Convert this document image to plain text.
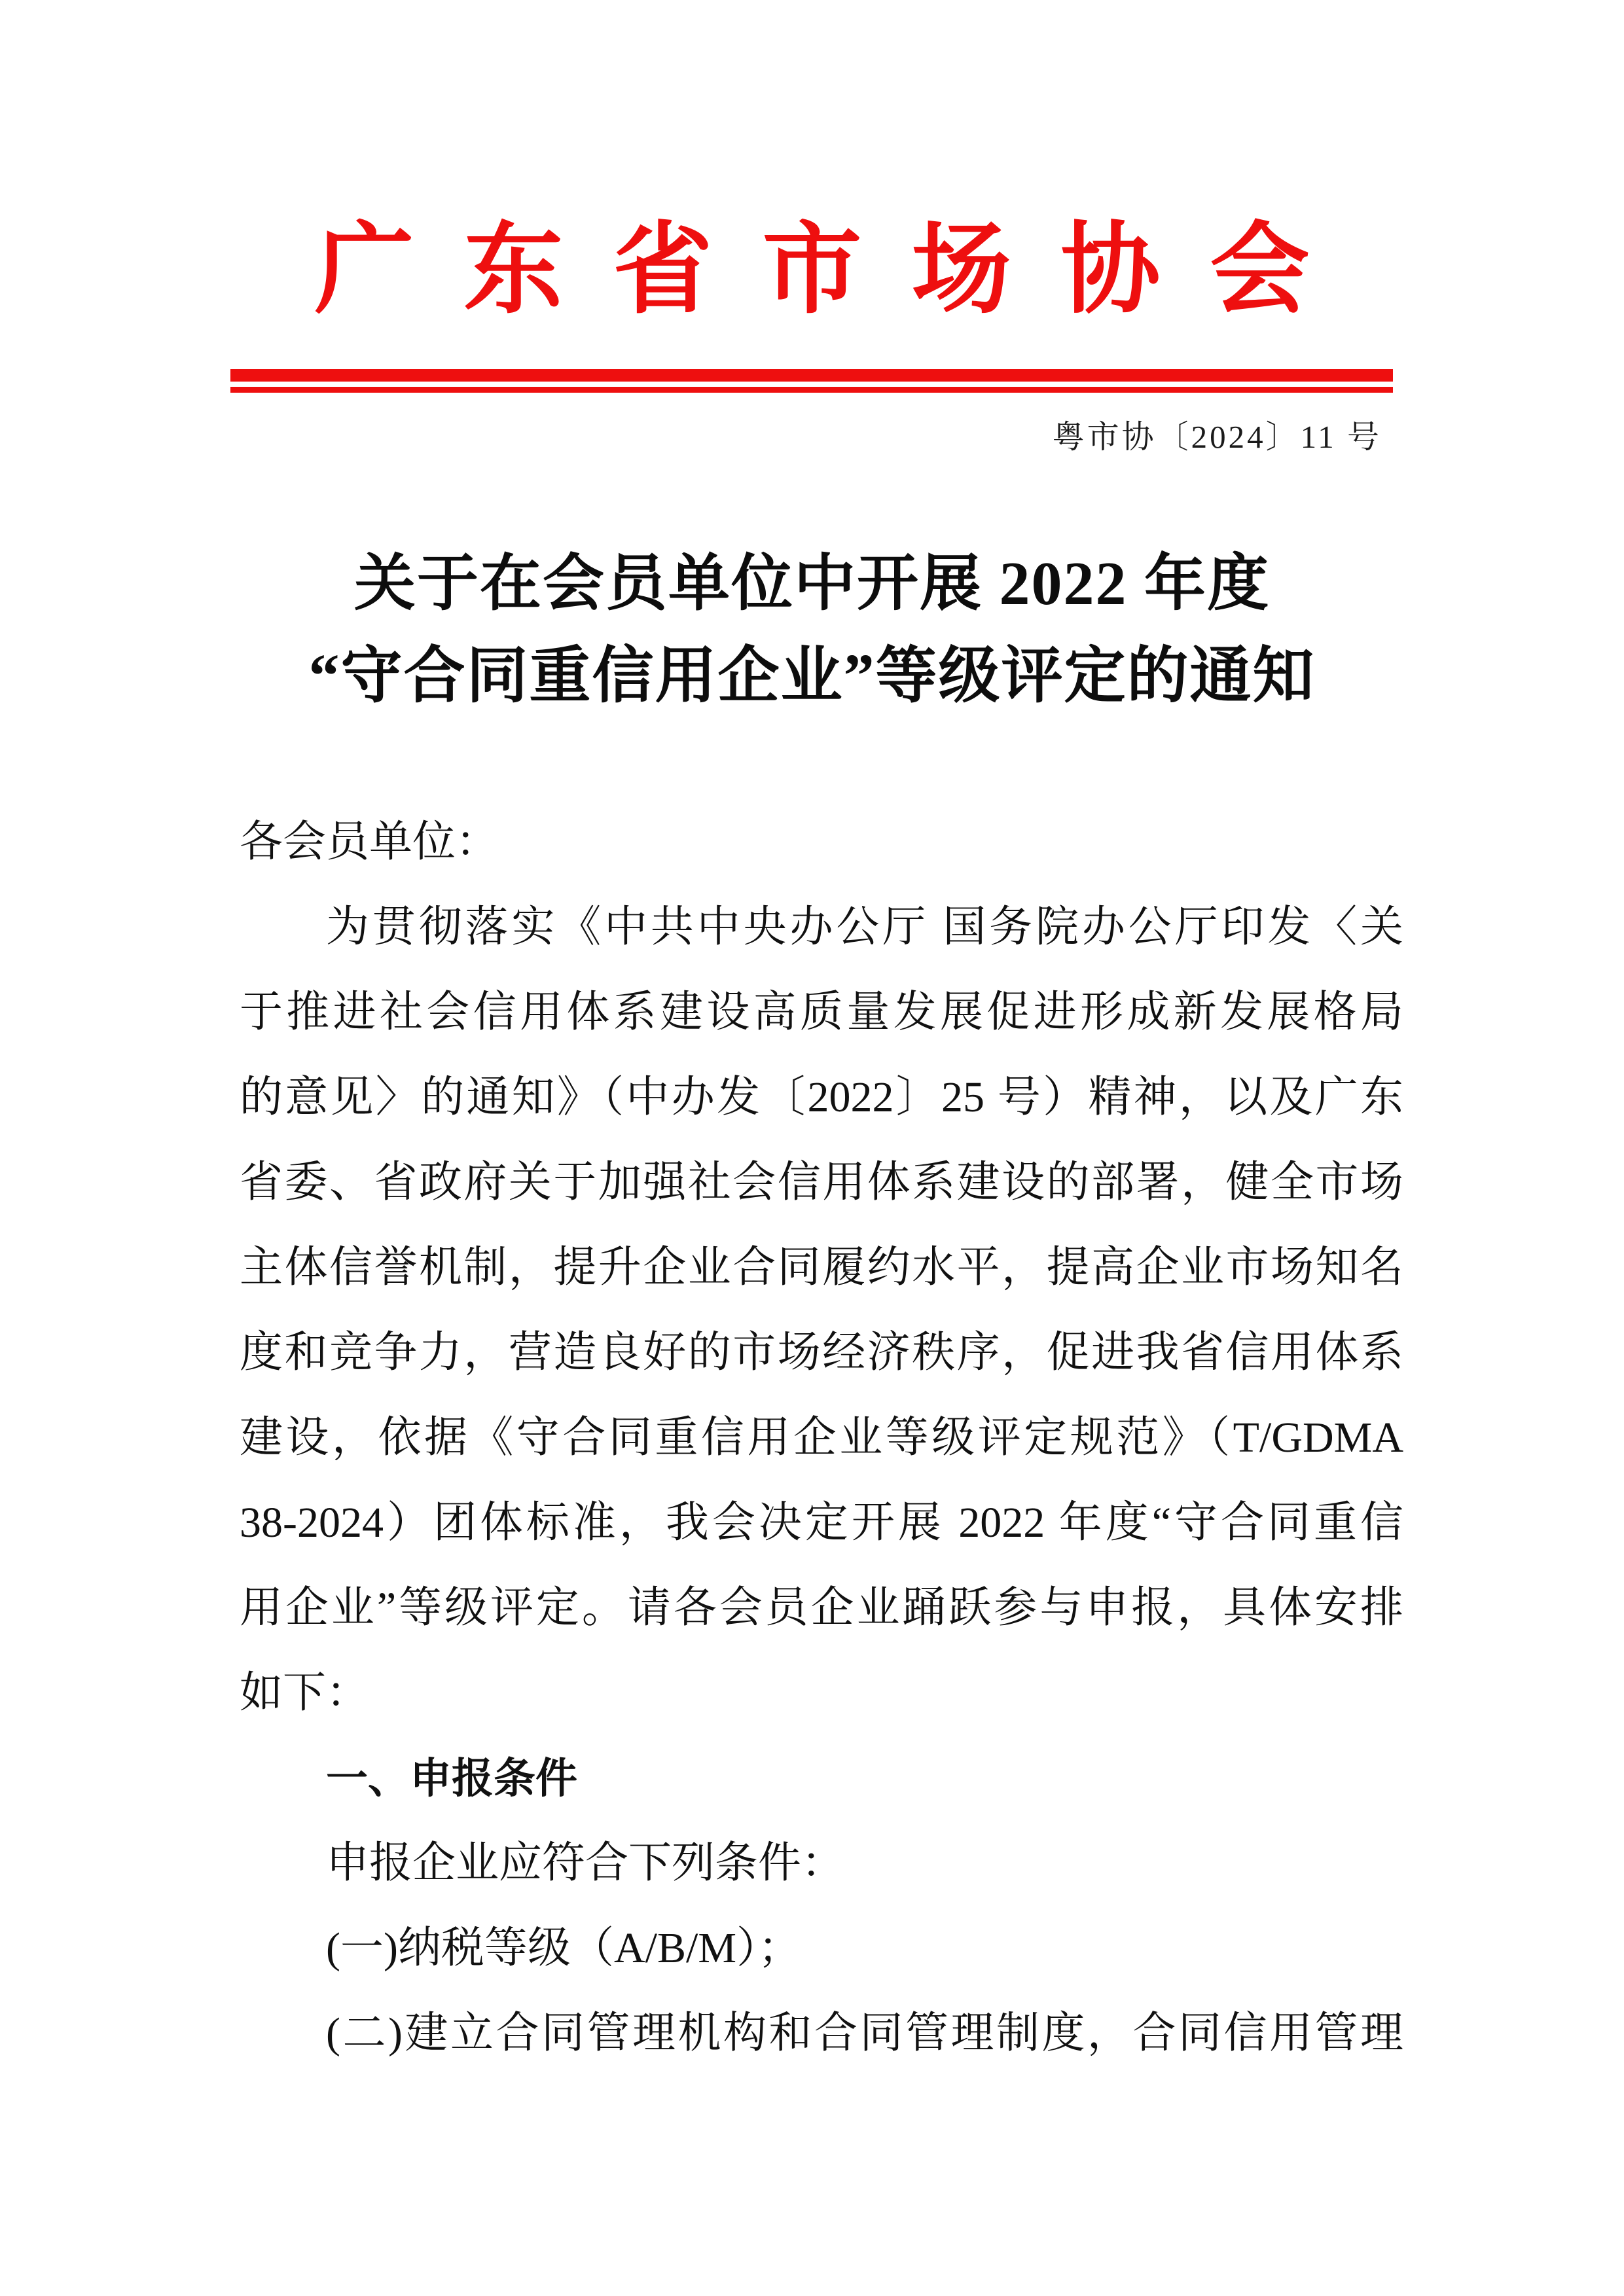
广东省市场协会
粤市协〔2024〕11 号
关于在会员单位中开展 2022 年度
“守合同重信用企业”等级评定的通知
各会员单位：
为贯彻落实《中共中央办公厅 国务院办公厅印发〈关
于推进社会信用体系建设高质量发展促进形成新发展格局
的意见〉的通知》（中办发〔2022〕25 号）精神，以及广东
省委、省政府关于加强社会信用体系建设的部署，健全市场
主体信誉机制，提升企业合同履约水平，提高企业市场知名
度和竞争力，营造良好的市场经济秩序，促进我省信用体系
建设，依据《守合同重信用企业等级评定规范》（T/GDMA
38-2024）团体标准，我会决定开展 2022 年度“守合同重信
用企业”等级评定。请各会员企业踊跃参与申报，具体安排
如下：
一、申报条件
申报企业应符合下列条件：
(一)纳税等级（A/B/M）；
(二)建立合同管理机构和合同管理制度，合同信用管理
